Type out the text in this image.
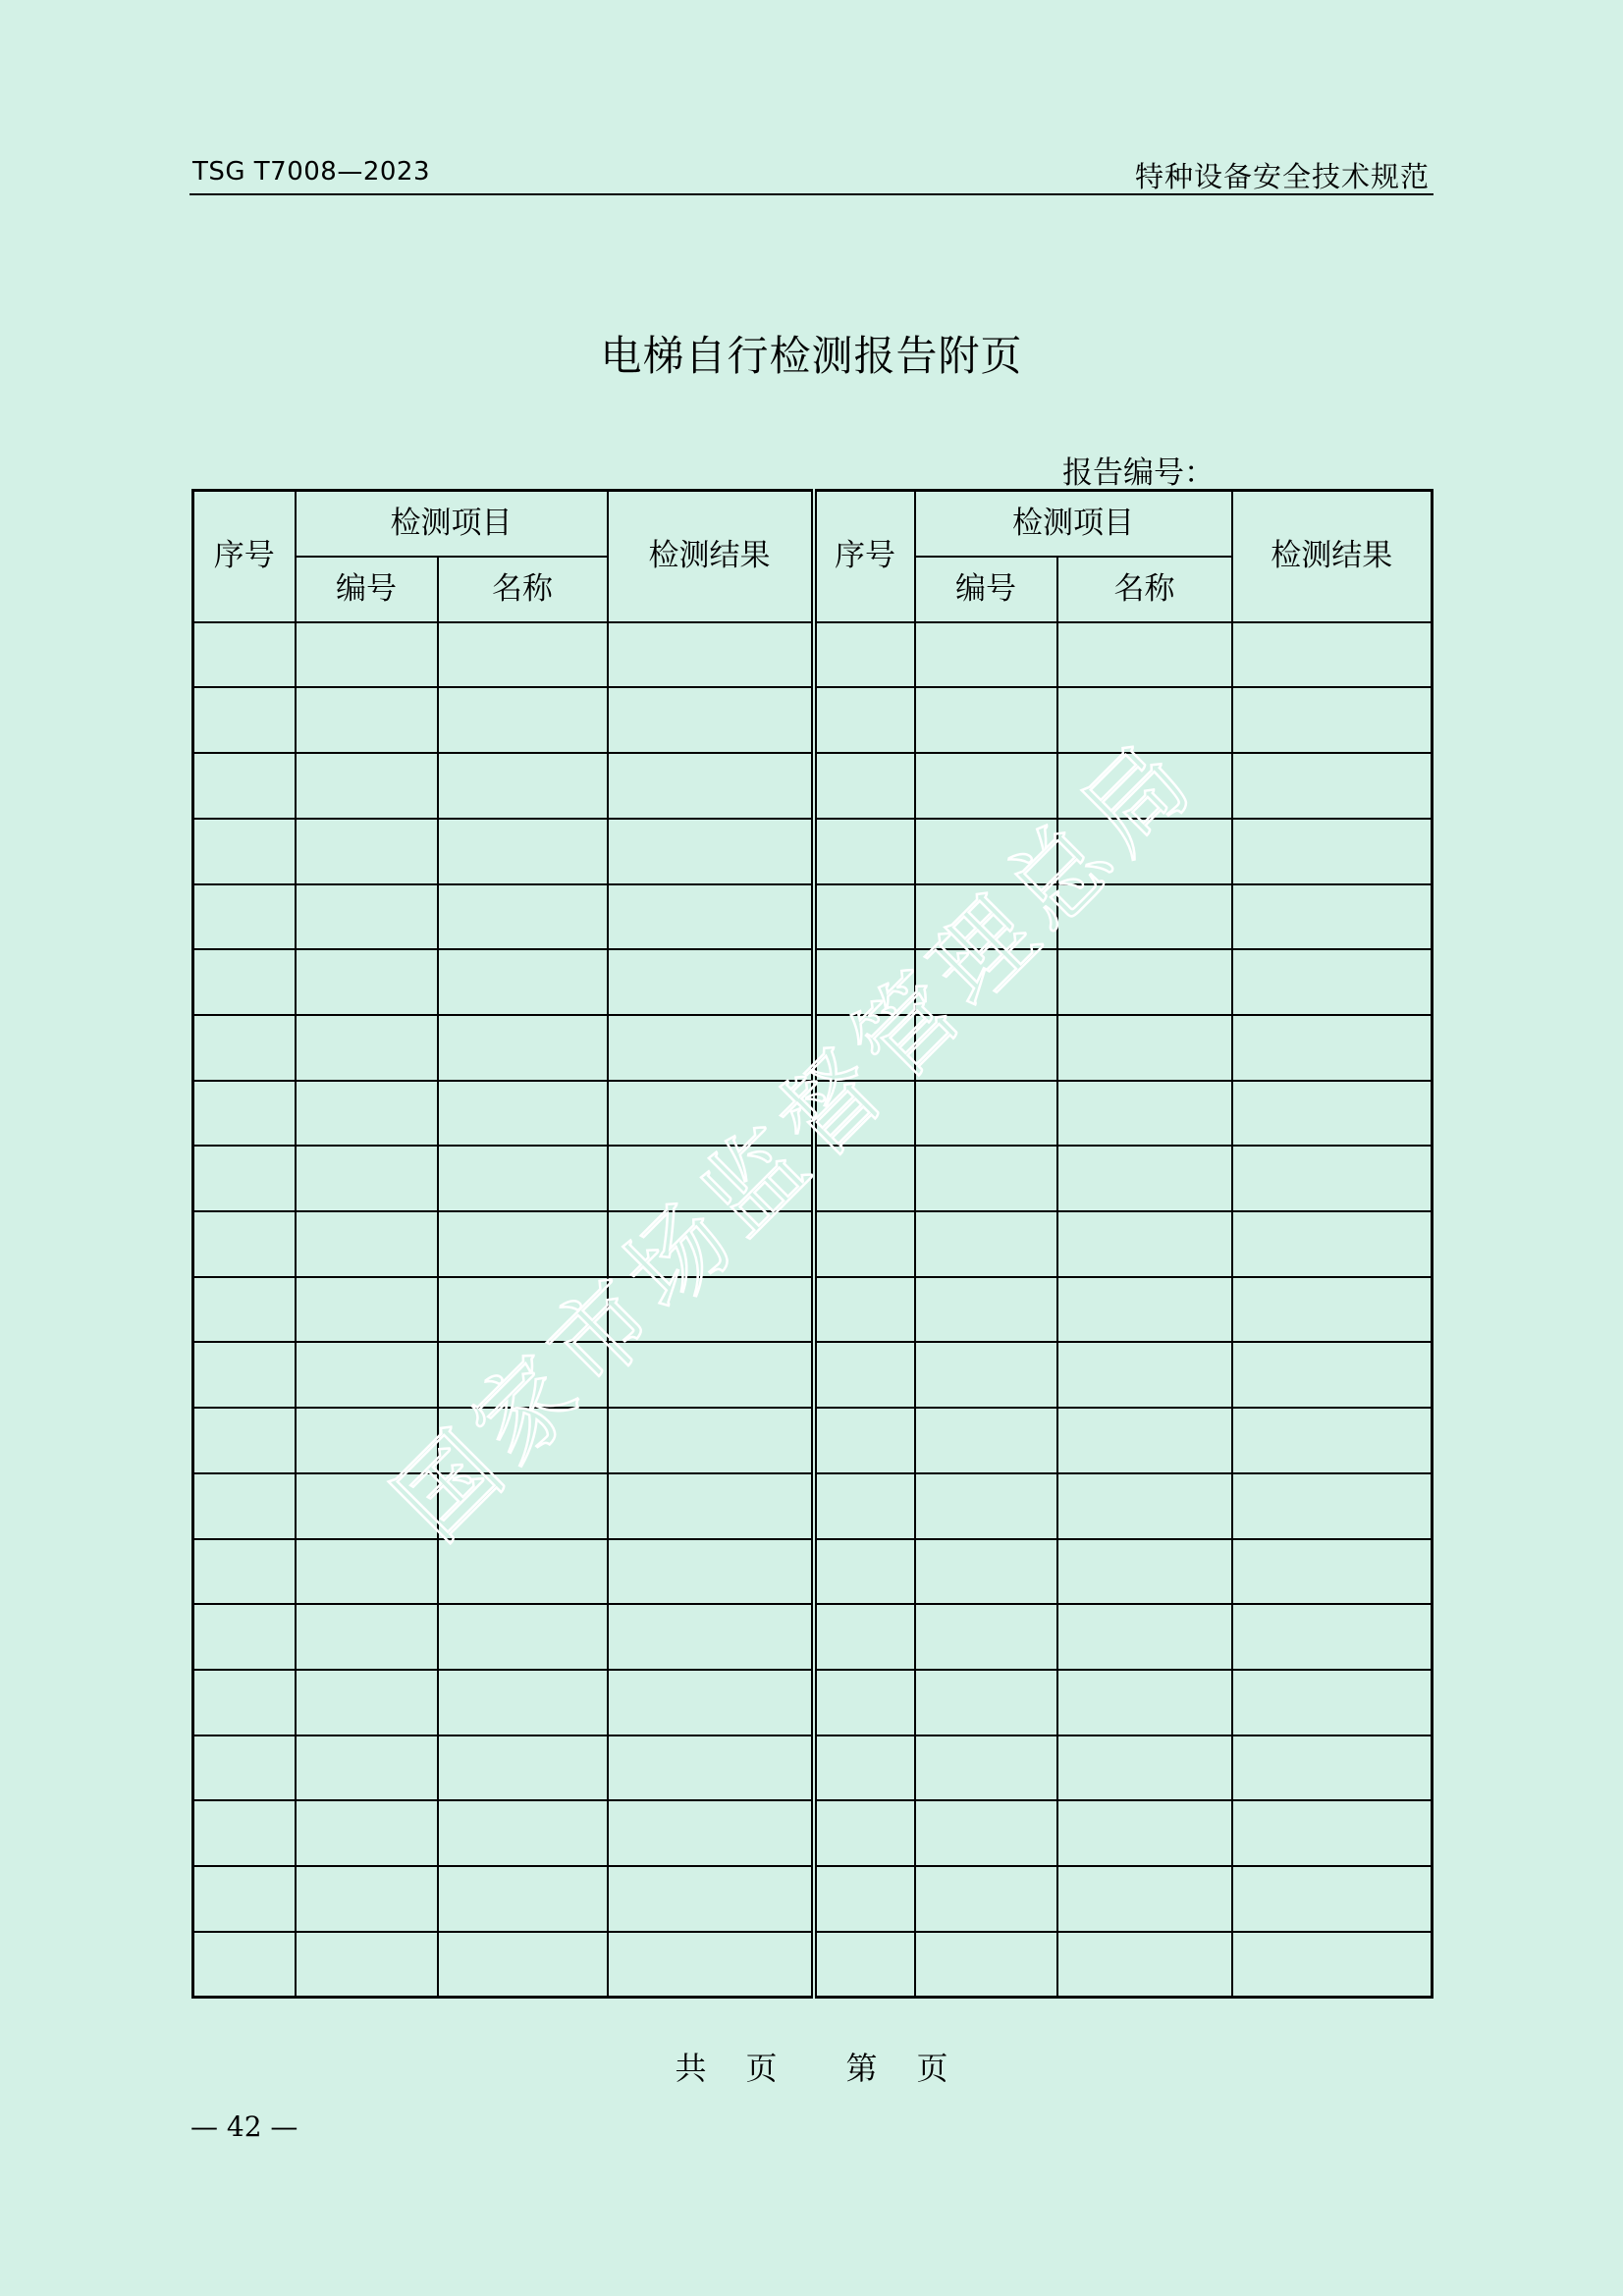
TSG T7008—2023	特种设备安全技术规范
电梯自行检测报告附页
报告编号：
序号	检测项目		检测结果	序号	检测项目		检测结果
	编号	名称			编号	名称	

国家市场监督管理总局
共 页 第 页
— 42 —
